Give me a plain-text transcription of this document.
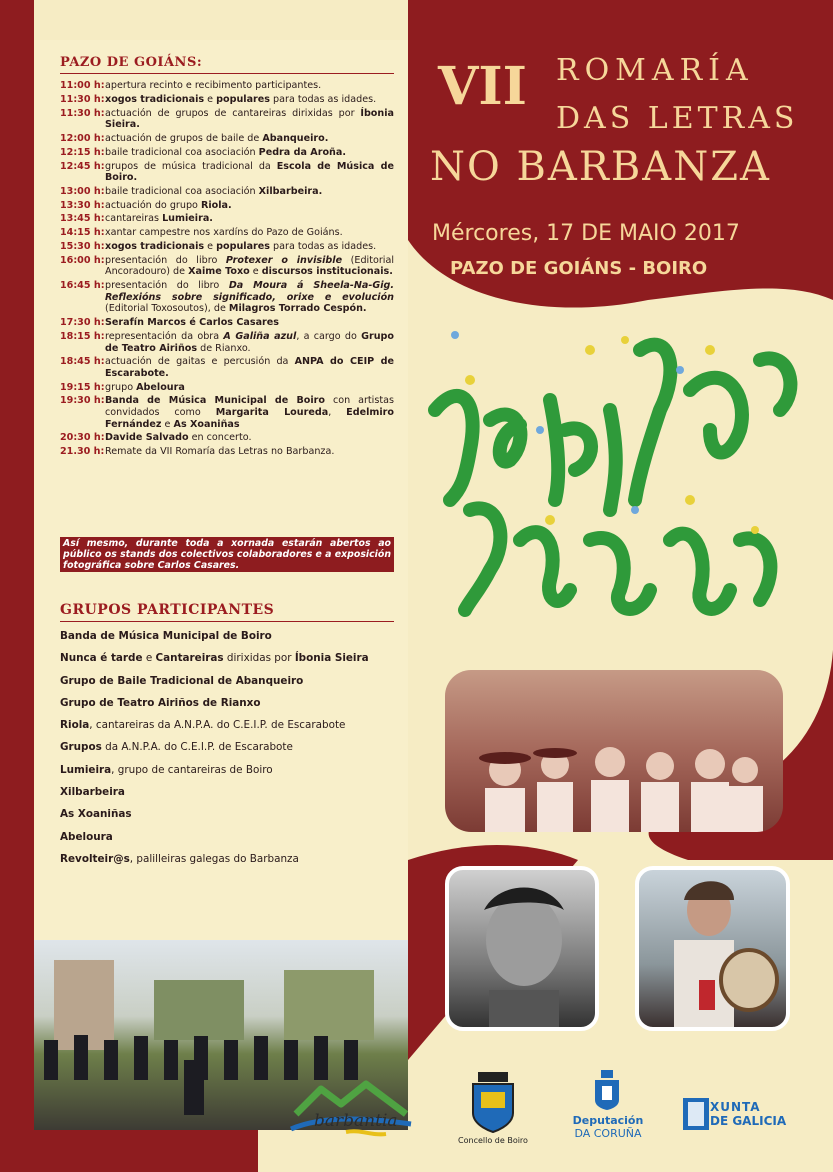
PAZO DE GOIÁNS:
11:00 h: apertura recinto e recibimento participantes.
11:30 h: xogos tradicionais e populares para todas as idades.
11:30 h: actuación de grupos de cantareiras dirixidas por Íbonia Sieira.
12:00 h: actuación de grupos de baile de Abanqueiro.
12:15 h: baile tradicional coa asociación Pedra da Aroña.
12:45 h: grupos de música tradicional da Escola de Música de Boiro.
13:00 h: baile tradicional coa asociación Xilbarbeira.
13:30 h: actuación do grupo Riola.
13:45 h: cantareiras Lumieira.
14:15 h: xantar campestre nos xardíns do Pazo de Goiáns.
15:30 h: xogos tradicionais e populares para todas as idades.
16:00 h: presentación do libro Protexer o invisible (Editorial Ancoradouro) de Xaime Toxo e discursos institucionais.
16:45 h: presentación do libro Da Moura á Sheela-Na-Gig. Reflexións sobre significado, orixe e evolución (Editorial Toxosoutos), de Milagros Torrado Cespón.
17:30 h: Serafín Marcos é Carlos Casares
18:15 h: representación da obra A Galiña azul, a cargo do Grupo de Teatro Airiños de Rianxo.
18:45 h: actuación de gaitas e percusión da ANPA do CEIP de Escarabote.
19:15 h: grupo Abeloura
19:30 h: Banda de Música Municipal de Boiro con artistas convidados como Margarita Loureda, Edelmiro Fernández e As Xoaniñas
20:30 h: Davide Salvado en concerto.
21.30 h: Remate da VII Romaría das Letras no Barbanza.
Así mesmo, durante toda a xornada estarán abertos ao público os stands dos colectivos colaboradores e a exposición fotográfica sobre Carlos Casares.
GRUPOS PARTICIPANTES
Banda de Música Municipal de Boiro
Nunca é tarde e Cantareiras dirixidas por Íbonia Sieira
Grupo de Baile Tradicional de Abanqueiro
Grupo de Teatro Airiños de Rianxo
Riola, cantareiras da A.N.P.A. do C.E.I.P. de Escarabote
Grupos da A.N.P.A. do C.E.I.P. de Escarabote
Lumieira, grupo de cantareiras de Boiro
Xilbarbeira
As Xoaniñas
Abeloura
Revolteir@s, palilleiras galegas do Barbanza
VII ROMARÍA
DAS LETRAS
NO BARBANZA
Mércores, 17 DE MAIO 2017
PAZO DE GOIÁNS - BOIRO
barbantia
Concello de Boiro
Deputación
DA CORUÑA
XUNTA
DE GALICIA
